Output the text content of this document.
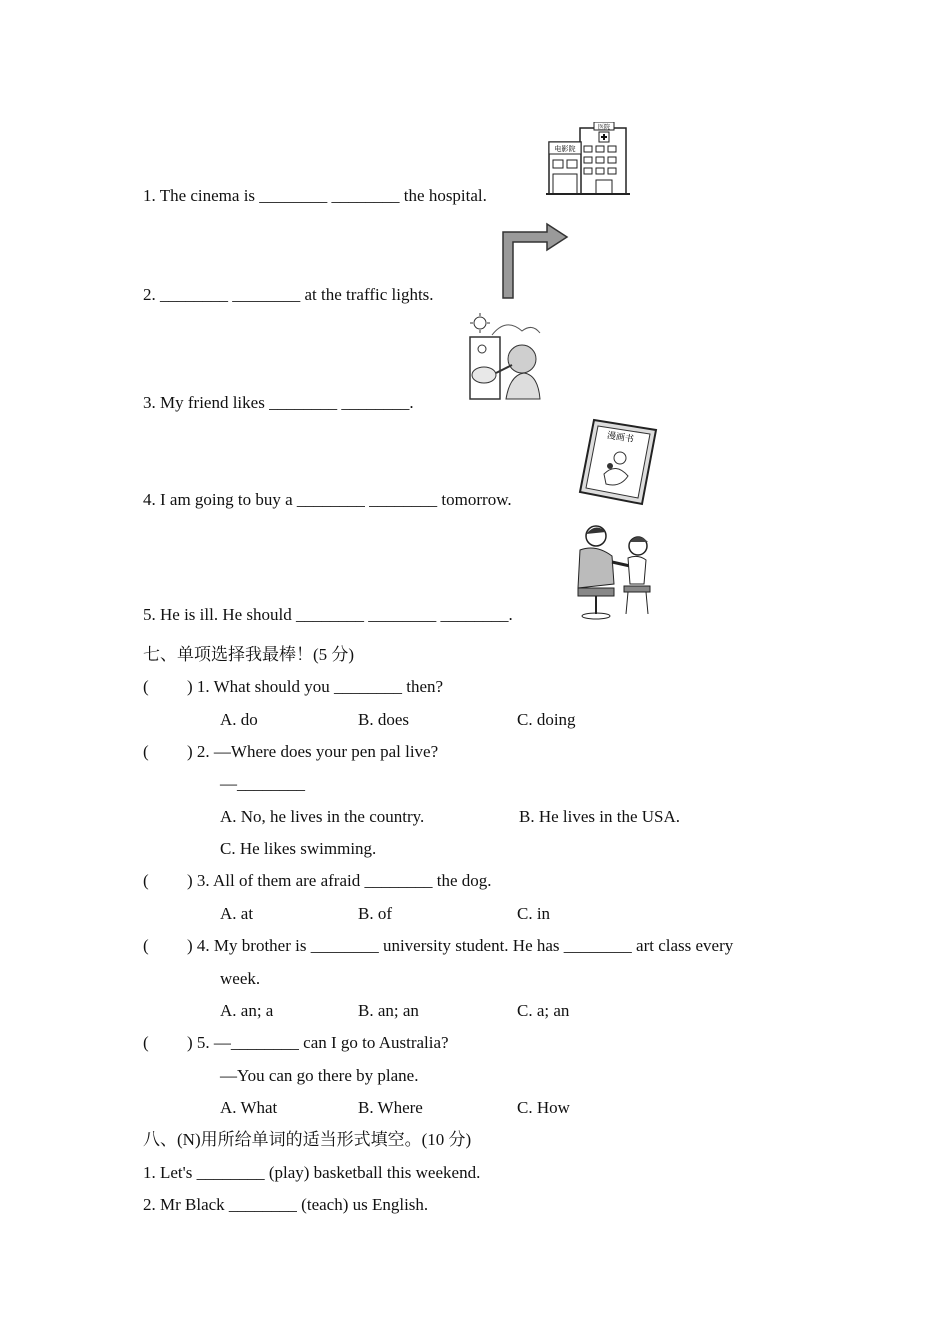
1. The cinema is ________ ________ the hospital.
2. ________ ________ at the traffic lights.
3. My friend likes ________ ________.
4. I am going to buy a ________ ________ tomorrow.
5. He is ill. He should ________ ________ ________.
医院
电影院
漫画书
七、单项选择我最棒！(5 分)
( ) 1. What should you ________ then?
A. do	B. does	C. doing
( ) 2. —Where does your pen pal live?
—________
A. No, he lives in the country.	B. He lives in the USA.
C. He likes swimming.
( ) 3. All of them are afraid ________ the dog.
A. at	B. of	C. in
( ) 4. My brother is ________ university student. He has ________ art class every
week.
A. an; a	B. an; an	C. a; an
( ) 5. —________ can I go to Australia?
—You can go there by plane.
A. What	B. Where	C. How
八、(N)用所给单词的适当形式填空。(10 分)
1. Let's ________ (play) basketball this weekend.
2. Mr Black ________ (teach) us English.
